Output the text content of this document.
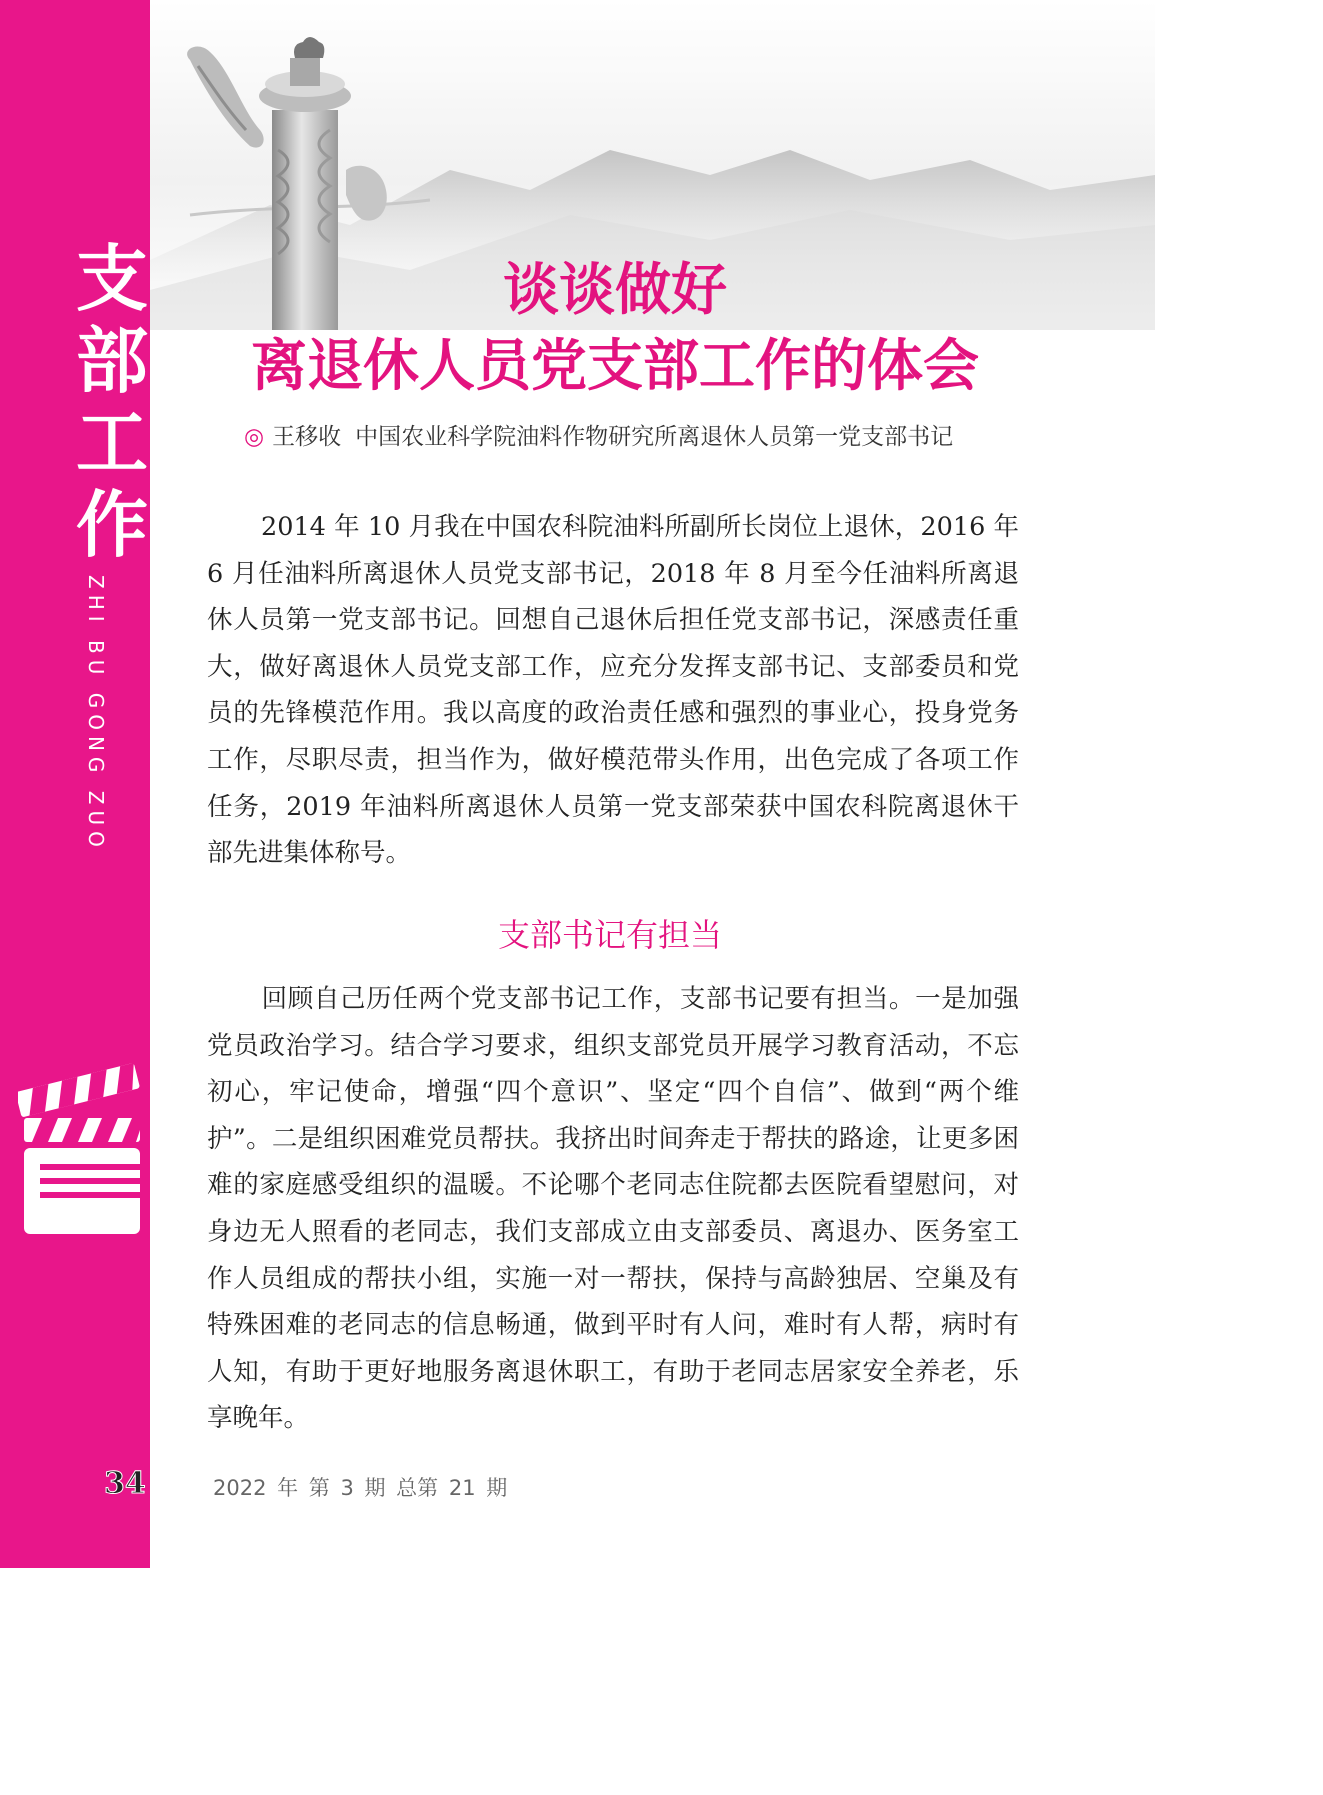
支
部
工
作
ZHI BU GONG ZUO
34
谈谈做好
离退休人员党支部工作的体会
◎ 王移收 中国农业科学院油料作物研究所离退休人员第一党支部书记

2014 年 10 月我在中国农科院油料所副所长岗位上退休，2016 年 6 月任油料所离退休人员党支部书记，2018 年 8 月至今任油料所离退休人员第一党支部书记。回想自己退休后担任党支部书记，深感责任重大，做好离退休人员党支部工作，应充分发挥支部书记、支部委员和党员的先锋模范作用。我以高度的政治责任感和强烈的事业心，投身党务工作，尽职尽责，担当作为，做好模范带头作用，出色完成了各项工作任务，2019 年油料所离退休人员第一党支部荣获中国农科院离退休干部先进集体称号。

支部书记有担当

回顾自己历任两个党支部书记工作，支部书记要有担当。一是加强党员政治学习。结合学习要求，组织支部党员开展学习教育活动，不忘初心，牢记使命，增强“四个意识”、坚定“四个自信”、做到“两个维护”。二是组织困难党员帮扶。我挤出时间奔走于帮扶的路途，让更多困难的家庭感受组织的温暖。不论哪个老同志住院都去医院看望慰问，对身边无人照看的老同志，我们支部成立由支部委员、离退办、医务室工作人员组成的帮扶小组，实施一对一帮扶，保持与高龄独居、空巢及有特殊困难的老同志的信息畅通，做到平时有人问，难时有人帮，病时有人知，有助于更好地服务离退休职工，有助于老同志居家安全养老，乐享晚年。

2022 年 第 3 期 总第 21 期
